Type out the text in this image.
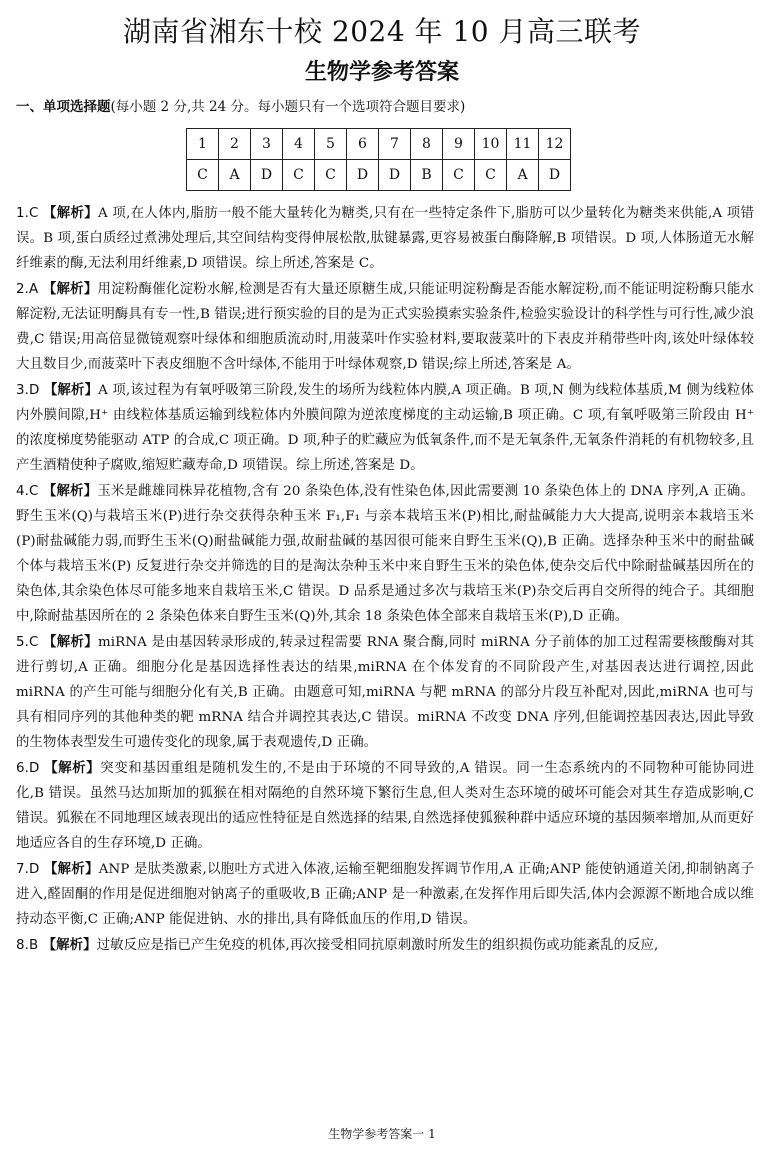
湖南省湘东十校 2024 年 10 月高三联考
生物学参考答案
一、单项选择题(每小题 2 分,共 24 分。每小题只有一个选项符合题目要求)
1	2	3	4	5	6	7	8	9	10	11	12
C	A	D	C	C	D	D	B	C	C	A	D
1.C 【解析】A 项,在人体内,脂肪一般不能大量转化为糖类,只有在一些特定条件下,脂肪可以少量转化为糖类来供能,A 项错误。B 项,蛋白质经过煮沸处理后,其空间结构变得伸展松散,肽键暴露,更容易被蛋白酶降解,B 项错误。D 项,人体肠道无水解纤维素的酶,无法利用纤维素,D 项错误。综上所述,答案是 C。
2.A 【解析】用淀粉酶催化淀粉水解,检测是否有大量还原糖生成,只能证明淀粉酶是否能水解淀粉,而不能证明淀粉酶只能水解淀粉,无法证明酶具有专一性,B 错误;进行预实验的目的是为正式实验摸索实验条件,检验实验设计的科学性与可行性,减少浪费,C 错误;用高倍显微镜观察叶绿体和细胞质流动时,用菠菜叶作实验材料,要取菠菜叶的下表皮并稍带些叶肉,该处叶绿体较大且数目少,而菠菜叶下表皮细胞不含叶绿体,不能用于叶绿体观察,D 错误;综上所述,答案是 A。
3.D 【解析】A 项,该过程为有氧呼吸第三阶段,发生的场所为线粒体内膜,A 项正确。B 项,N 侧为线粒体基质,M 侧为线粒体内外膜间隙,H⁺ 由线粒体基质运输到线粒体内外膜间隙为逆浓度梯度的主动运输,B 项正确。C 项,有氧呼吸第三阶段由 H⁺ 的浓度梯度势能驱动 ATP 的合成,C 项正确。D 项,种子的贮藏应为低氧条件,而不是无氧条件,无氧条件消耗的有机物较多,且产生酒精使种子腐败,缩短贮藏寿命,D 项错误。综上所述,答案是 D。
4.C 【解析】玉米是雌雄同株异花植物,含有 20 条染色体,没有性染色体,因此需要测 10 条染色体上的 DNA 序列,A 正确。野生玉米(Q)与栽培玉米(P)进行杂交获得杂种玉米 F₁,F₁ 与亲本栽培玉米(P)相比,耐盐碱能力大大提高,说明亲本栽培玉米(P)耐盐碱能力弱,而野生玉米(Q)耐盐碱能力强,故耐盐碱的基因很可能来自野生玉米(Q),B 正确。选择杂种玉米中的耐盐碱个体与栽培玉米(P) 反复进行杂交并筛选的目的是淘汰杂种玉米中来自野生玉米的染色体,使杂交后代中除耐盐碱基因所在的染色体,其余染色体尽可能多地来自栽培玉米,C 错误。D 品系是通过多次与栽培玉米(P)杂交后再自交所得的纯合子。其细胞中,除耐盐基因所在的 2 条染色体来自野生玉米(Q)外,其余 18 条染色体全部来自栽培玉米(P),D 正确。
5.C 【解析】miRNA 是由基因转录形成的,转录过程需要 RNA 聚合酶,同时 miRNA 分子前体的加工过程需要核酸酶对其进行剪切,A 正确。细胞分化是基因选择性表达的结果,miRNA 在个体发育的不同阶段产生,对基因表达进行调控,因此 miRNA 的产生可能与细胞分化有关,B 正确。由题意可知,miRNA 与靶 mRNA 的部分片段互补配对,因此,miRNA 也可与具有相同序列的其他种类的靶 mRNA 结合并调控其表达,C 错误。miRNA 不改变 DNA 序列,但能调控基因表达,因此导致的生物体表型发生可遗传变化的现象,属于表观遗传,D 正确。
6.D 【解析】突变和基因重组是随机发生的,不是由于环境的不同导致的,A 错误。同一生态系统内的不同物种可能协同进化,B 错误。虽然马达加斯加的狐猴在相对隔绝的自然环境下繁衍生息,但人类对生态环境的破坏可能会对其生存造成影响,C 错误。狐猴在不同地理区域表现出的适应性特征是自然选择的结果,自然选择使狐猴种群中适应环境的基因频率增加,从而更好地适应各自的生存环境,D 正确。
7.D 【解析】ANP 是肽类激素,以胞吐方式进入体液,运输至靶细胞发挥调节作用,A 正确;ANP 能使钠通道关闭,抑制钠离子进入,醛固酮的作用是促进细胞对钠离子的重吸收,B 正确;ANP 是一种激素,在发挥作用后即失活,体内会源源不断地合成以维持动态平衡,C 正确;ANP 能促进钠、水的排出,具有降低血压的作用,D 错误。
8.B 【解析】过敏反应是指已产生免疫的机体,再次接受相同抗原刺激时所发生的组织损伤或功能紊乱的反应,
生物学参考答案一 1
